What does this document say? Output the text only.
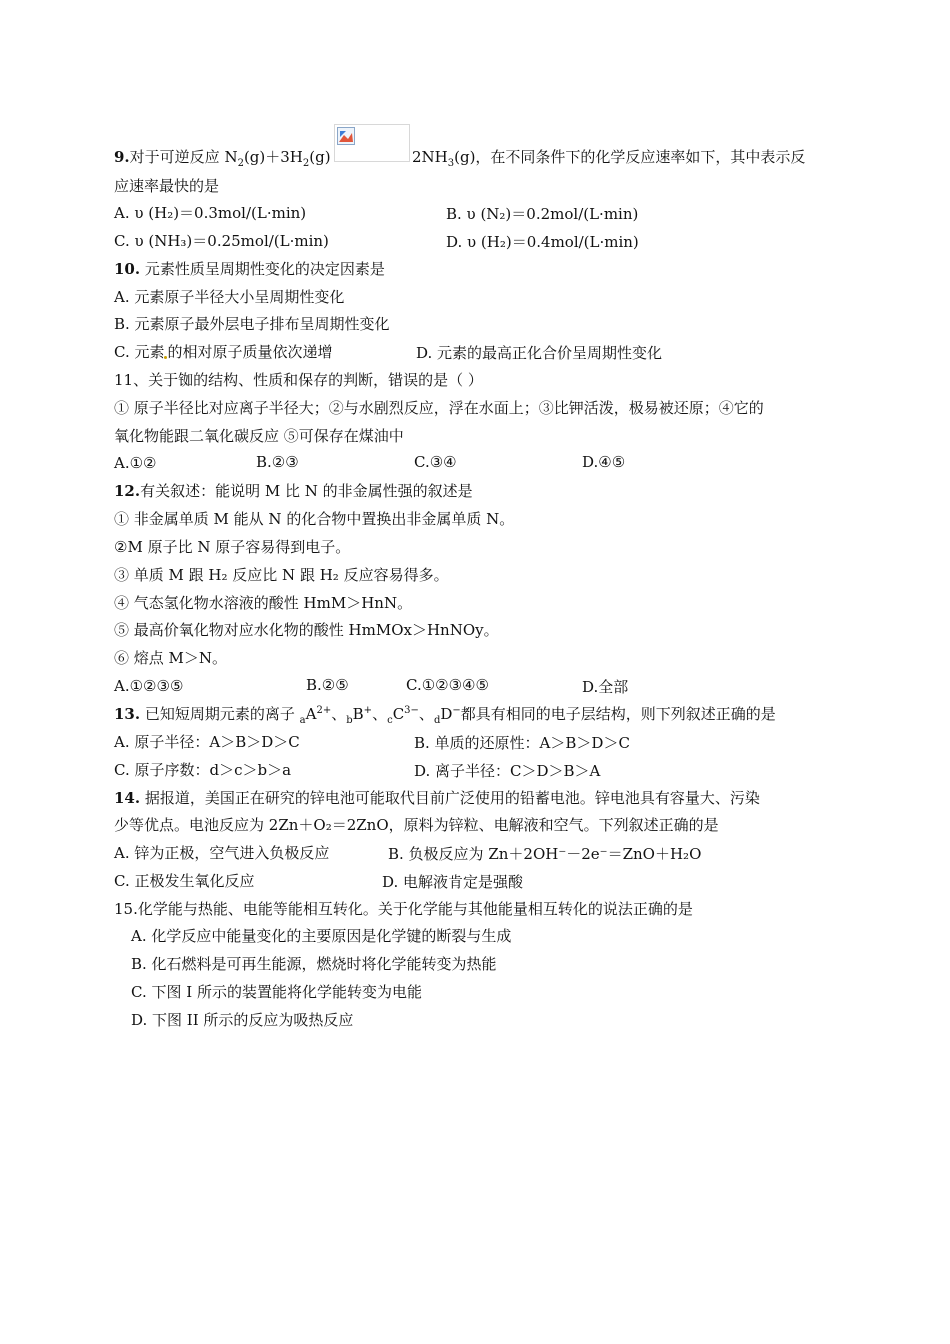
9.对于可逆反应 $N_2(g)+3H_2(g)$	$2NH_3(g)$，在不同条件下的化学反应速率如下，其中表示反
应速率最快的是
A. υ (H₂)＝0.3mol/(L·min)	B. υ (N₂)＝0.2mol/(L·min)
C. υ (NH₃)＝0.25mol/(L·min)	D. υ (H₂)＝0.4mol/(L·min)
10. 元素性质呈周期性变化的决定因素是
A. 元素原子半径大小呈周期性变化
B. 元素原子最外层电子排布呈周期性变化
C. 元素 的相对原子质量依次递增	D. 元素的最高正化合价呈周期性变化
11、关于铷的结构、性质和保存的判断，错误的是（ ）
① 原子半径比对应离子半径大；②与水剧烈反应，浮在水面上；③比钾活泼，极易被还原；④它的
氧化物能跟二氧化碳反应 ⑤可保存在煤油中
A.①②	B.②③	C.③④	D.④⑤
12.有关叙述：能说明 M 比 N 的非金属性强的叙述是
① 非金属单质 M 能从 N 的化合物中置换出非金属单质 N。
②M 原子比 N 原子容易得到电子。
③ 单质 M 跟 H₂ 反应比 N 跟 H₂ 反应容易得多。
④ 气态氢化物水溶液的酸性 HmM＞HnN。
⑤ 最高价氧化物对应水化物的酸性 HmMOx＞HnNOy。
⑥ 熔点 M＞N。
A.①②③⑤	B.②⑤	C.①②③④⑤	D.全部
13. 已知短周期元素的离子 $_aA^{2+}$、$_b$B+、$_cC^{3-}$、$_d$D−都具有相同的电子层结构，则下列叙述正确的是
A. 原子半径：A＞B＞D＞C	B. 单质的还原性：A＞B＞D＞C
C. 原子序数：d＞c＞b＞a	D. 离子半径：C＞D＞B＞A
14. 据报道，美国正在研究的锌电池可能取代目前广泛使用的铅蓄电池。锌电池具有容量大、污染
少等优点。电池反应为 2Zn＋O₂＝2ZnO，原料为锌粒、电解液和空气。下列叙述正确的是
A. 锌为正极，空气进入负极反应	B. 负极反应为 Zn＋2OH⁻－2e⁻＝ZnO＋H₂O
C. 正极发生氧化反应	D. 电解液肯定是强酸
15.化学能与热能、电能等能相互转化。关于化学能与其他能量相互转化的说法正确的是
A. 化学反应中能量变化的主要原因是化学键的断裂与生成
B. 化石燃料是可再生能源，燃烧时将化学能转变为热能
C. 下图 I 所示的装置能将化学能转变为电能
D. 下图 II 所示的反应为吸热反应
